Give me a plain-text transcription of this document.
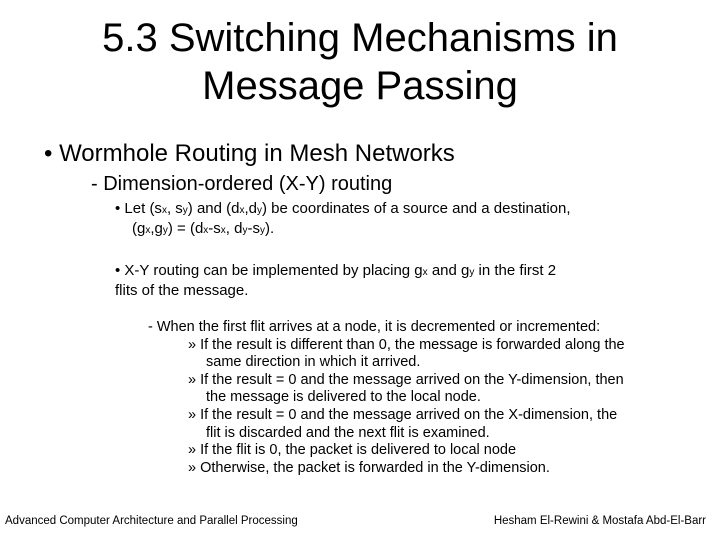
5.3 Switching Mechanisms in
Message Passing
• Wormhole Routing in Mesh Networks
- Dimension-ordered (X-Y) routing
• Let (sx, sy) and (dx,dy) be coordinates of a source and a destination,
(gx,gy) = (dx-sx, dy-sy).
• X-Y routing can be implemented by placing gx and gy in the first 2
flits of the message.
- When the first flit arrives at a node, it is decremented or incremented:
» If the result is different than 0, the message is forwarded along the
same direction in which it arrived.
» If the result = 0 and the message arrived on the Y-dimension, then
the message is delivered to the local node.
» If the result = 0 and the message arrived on the X-dimension, the
flit is discarded and the next flit is examined.
» If the flit is 0, the packet is delivered to local node
» Otherwise, the packet is forwarded in the Y-dimension.
Advanced Computer Architecture and Parallel Processing	Hesham El-Rewini & Mostafa Abd-El-Barr
